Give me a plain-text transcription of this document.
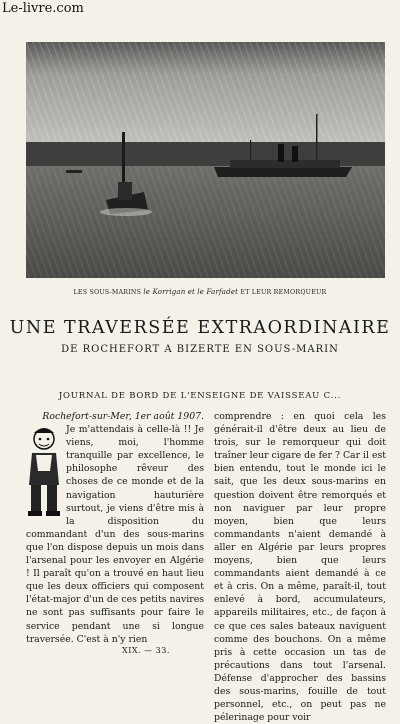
Le-livre.com
LES SOUS-MARINS le Korrigan et le Farfadet ET LEUR REMORQUEUR
UNE TRAVERSÉE EXTRAORDINAIRE
DE ROCHEFORT A BIZERTE EN SOUS-MARIN
JOURNAL DE BORD DE L'ENSEIGNE DE VAISSEAU C...

Rochefort-sur-Mer, 1er août 1907.

Je m'attendais à celle-là !! Je viens, moi, l'homme tranquille par excellence, le philosophe rêveur des choses de ce monde et de la navigation hauturière surtout, je viens d'être mis à la disposition du commandant d'un des sous-marins que l'on dispose depuis un mois dans l'arsenal pour les envoyer en Algérie ! Il paraît qu'on a trouvé en haut lieu que les deux officiers qui composent l'état-major d'un de ces petits navires ne sont pas suffisants pour faire le service pendant une si longue traversée. C'est à n'y rien

comprendre : en quoi cela les générait-il d'être deux au lieu de trois, sur le remorqueur qui doit traîner leur cigare de fer ? Car il est bien entendu, tout le monde ici le sait, que les deux sous-marins en question doivent être remorqués et non naviguer par leur propre moyen, bien que leurs commandants n'aient demandé à aller en Algérie par leurs propres moyens, bien que leurs commandants aient demandé à ce et à cris. On a même, paraît-il, tout enlevé à bord, accumulateurs, appareils militaires, etc., de façon à ce que ces sales bateaux naviguent comme des bouchons. On a même pris à cette occasion un tas de précautions dans tout l'arsenal. Défense d'approcher des bassins des sous-marins, fouille de tout personnel, etc., on peut pas ne pélerinage pour voir

XIX. — 33.
